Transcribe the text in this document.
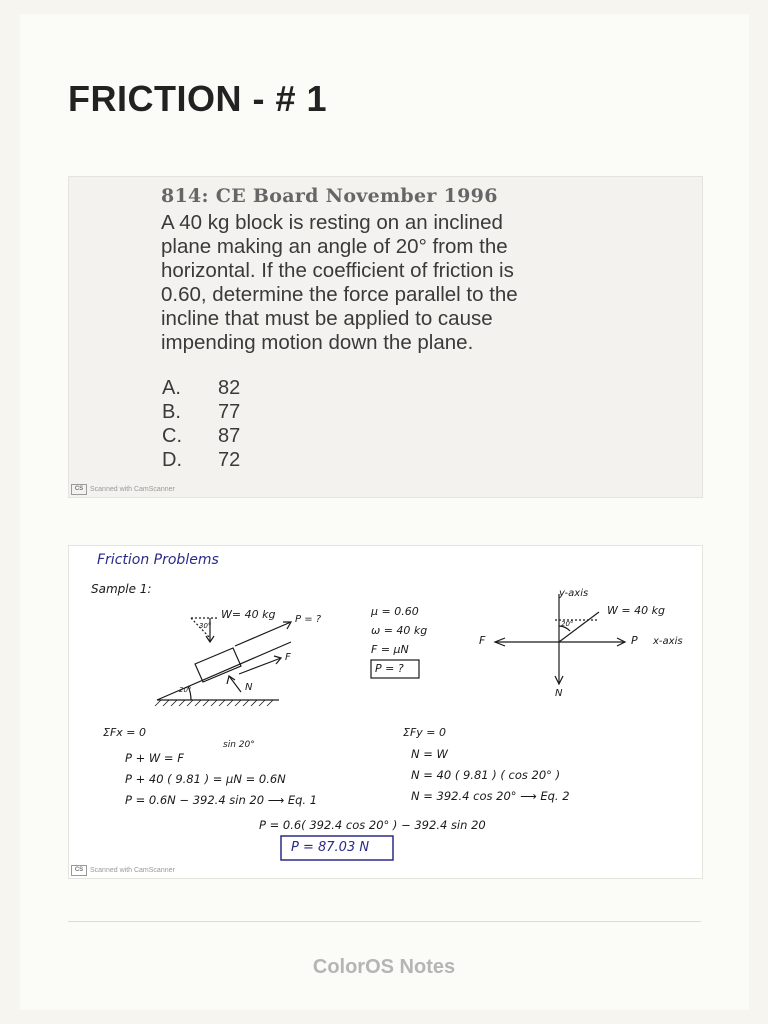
FRICTION - # 1
814: CE Board November 1996
A 40 kg block is resting on an inclined
plane making an angle of 20° from the
horizontal. If the coefficient of friction is
0.60, determine the force parallel to the
incline that must be applied to cause
impending motion down the plane.
A.	82
B.	77
C.	87
D.	72
CS Scanned with CamScanner
Friction Problems
Sample 1:
W= 40 kg
30°
P = ?
F
N
20°
μ = 0.60
ω = 40 kg
F = μN
P = ?
y-axis
W = 40 kg
20°
F	P x-axis
N
ΣFx = 0
sin 20°
P + W = F
P + 40 ( 9.81 ) = μN = 0.6N
P = 0.6N − 392.4 sin 20 ⟶ Eq. 1
ΣFy = 0
N = W
N = 40 ( 9.81 ) ( cos 20° )
N = 392.4 cos 20° ⟶ Eq. 2
P = 0.6( 392.4 cos 20° ) − 392.4 sin 20
P = 87.03 N
CS Scanned with CamScanner
ColorOS Notes
